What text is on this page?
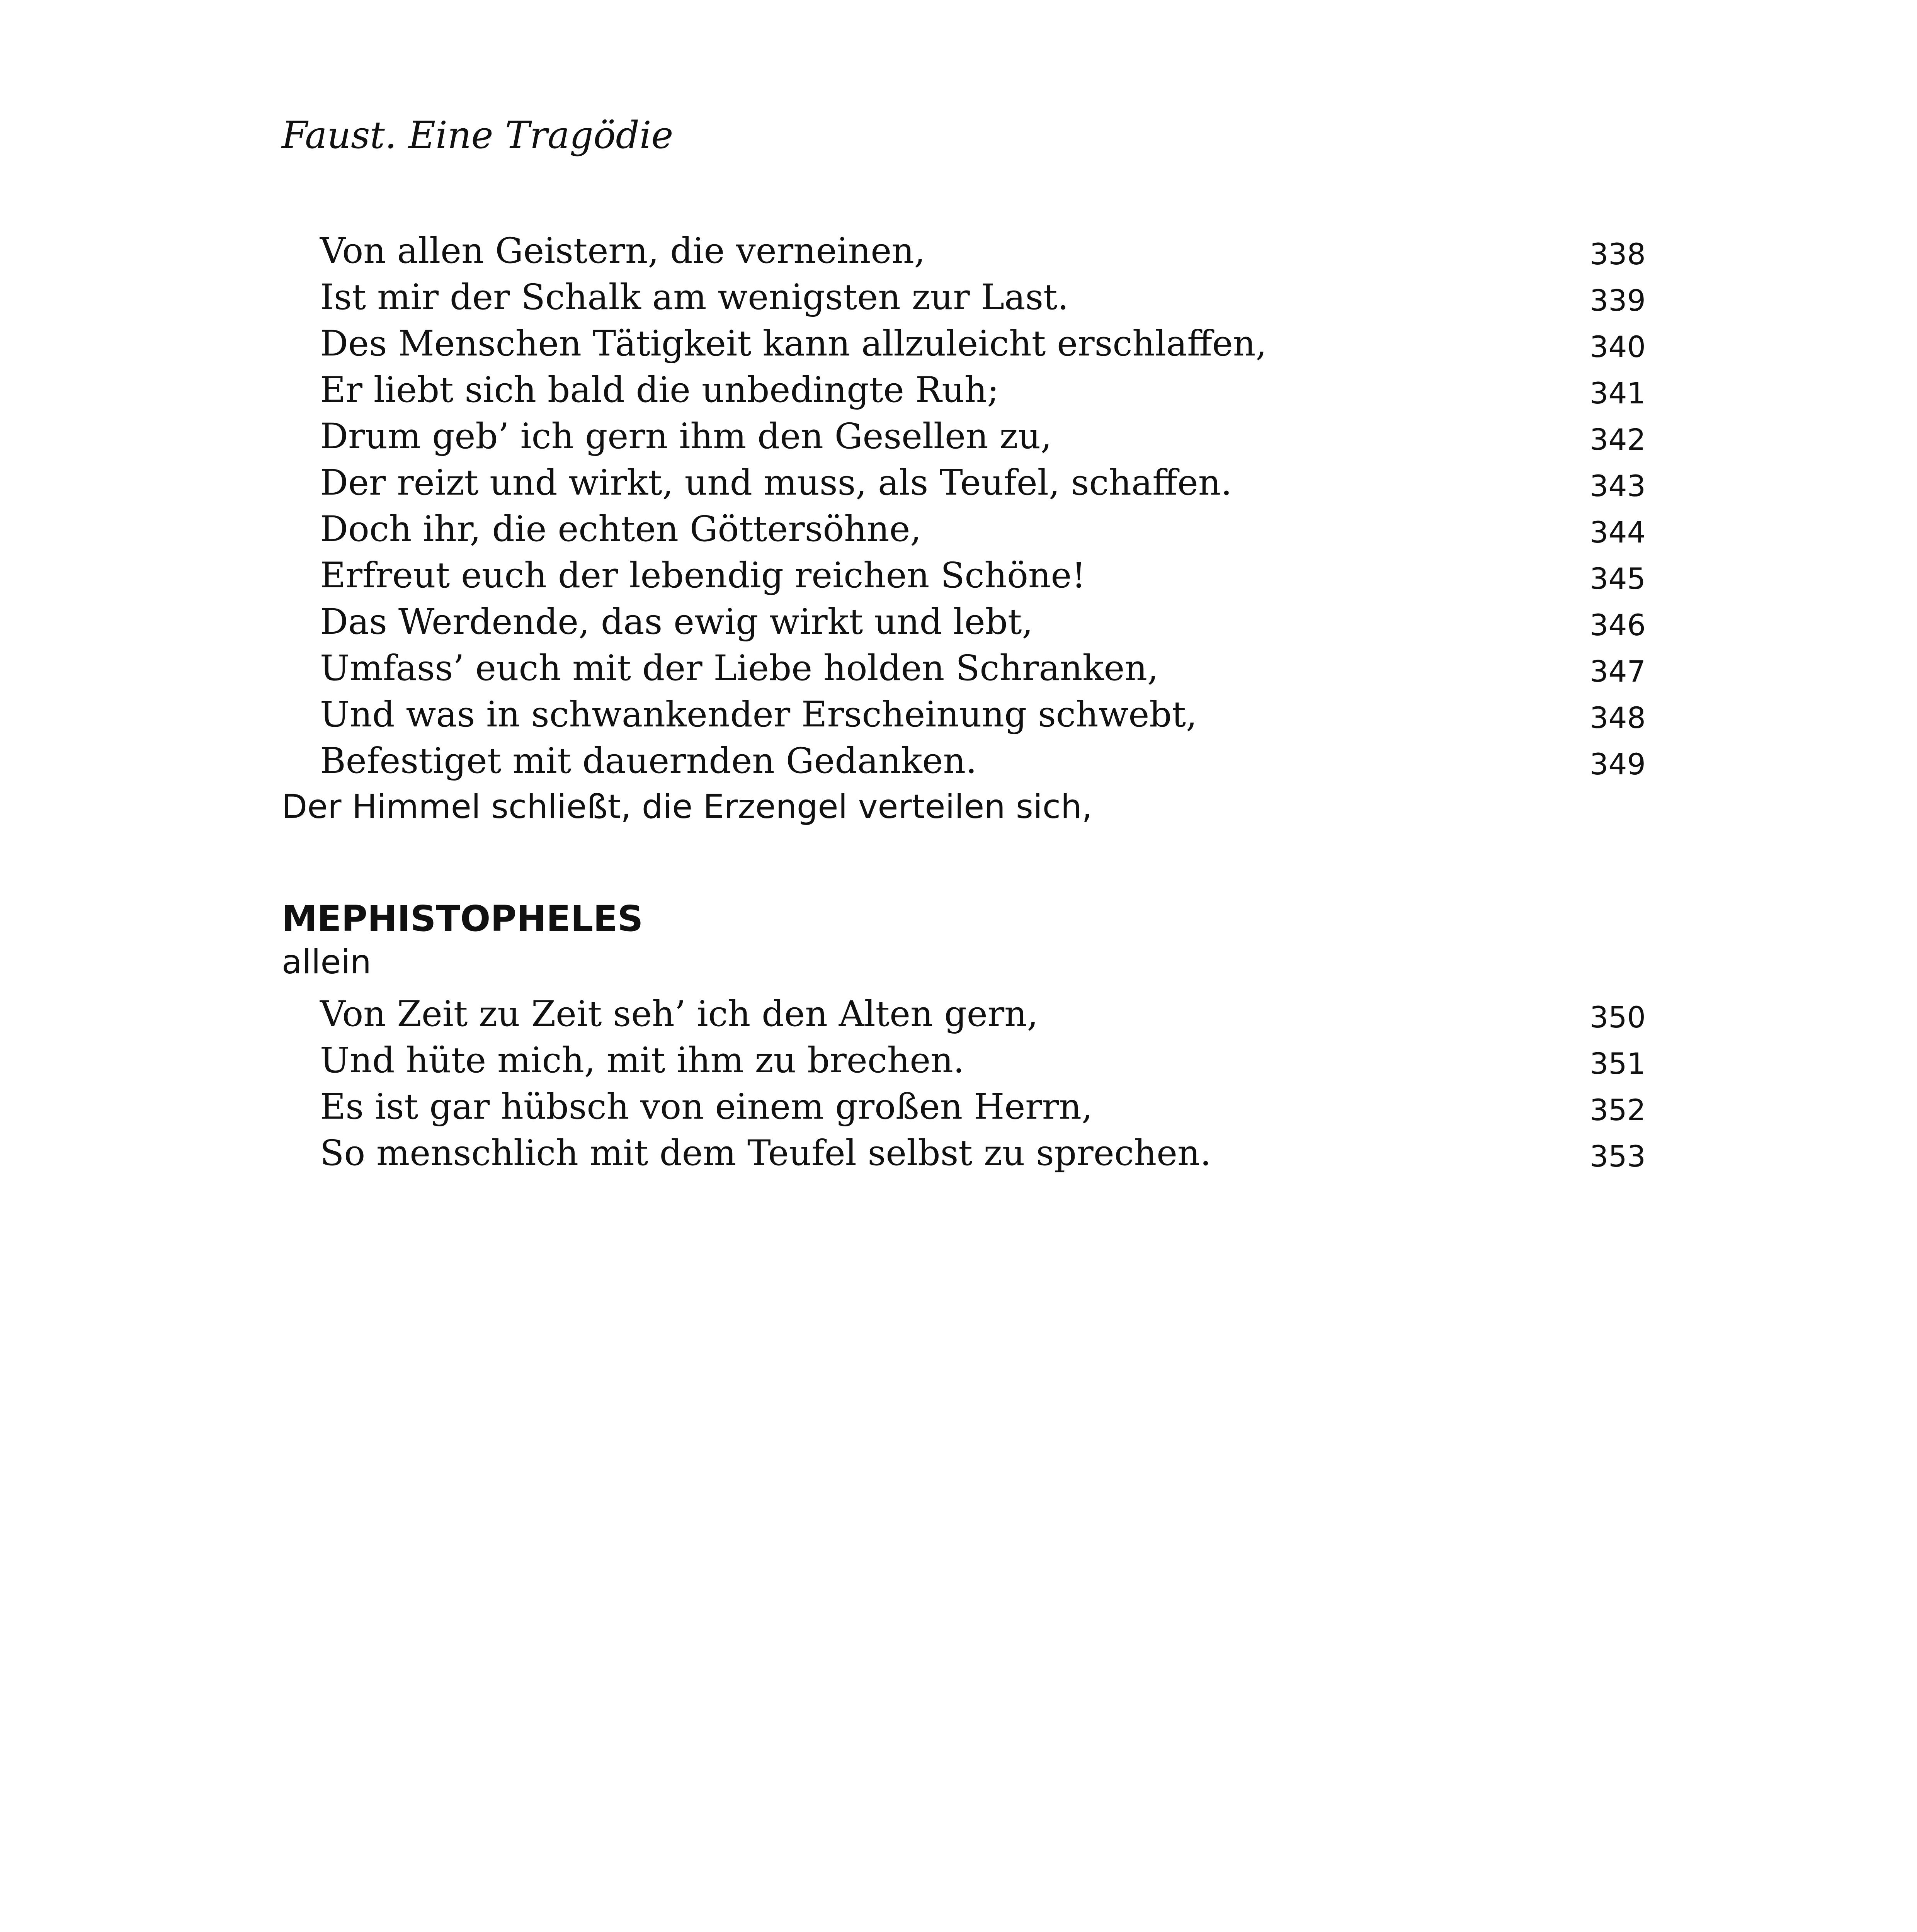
Faust. Eine Tragödie
Von allen Geistern, die verneinen,	338
Ist mir der Schalk am wenigsten zur Last.	339
Des Menschen Tätigkeit kann allzuleicht erschlaffen,	340
Er liebt sich bald die unbedingte Ruh;	341
Drum geb’ ich gern ihm den Gesellen zu,	342
Der reizt und wirkt, und muss, als Teufel, schaffen.	343
Doch ihr, die echten Göttersöhne,	344
Erfreut euch der lebendig reichen Schöne!	345
Das Werdende, das ewig wirkt und lebt,	346
Umfass’ euch mit der Liebe holden Schranken,	347
Und was in schwankender Erscheinung schwebt,	348
Befestiget mit dauernden Gedanken.	349
Der Himmel schließt, die Erzengel verteilen sich,
MEPHISTOPHELES
allein
Von Zeit zu Zeit seh’ ich den Alten gern,	350
Und hüte mich, mit ihm zu brechen.	351
Es ist gar hübsch von einem großen Herrn,	352
So menschlich mit dem Teufel selbst zu sprechen.	353
